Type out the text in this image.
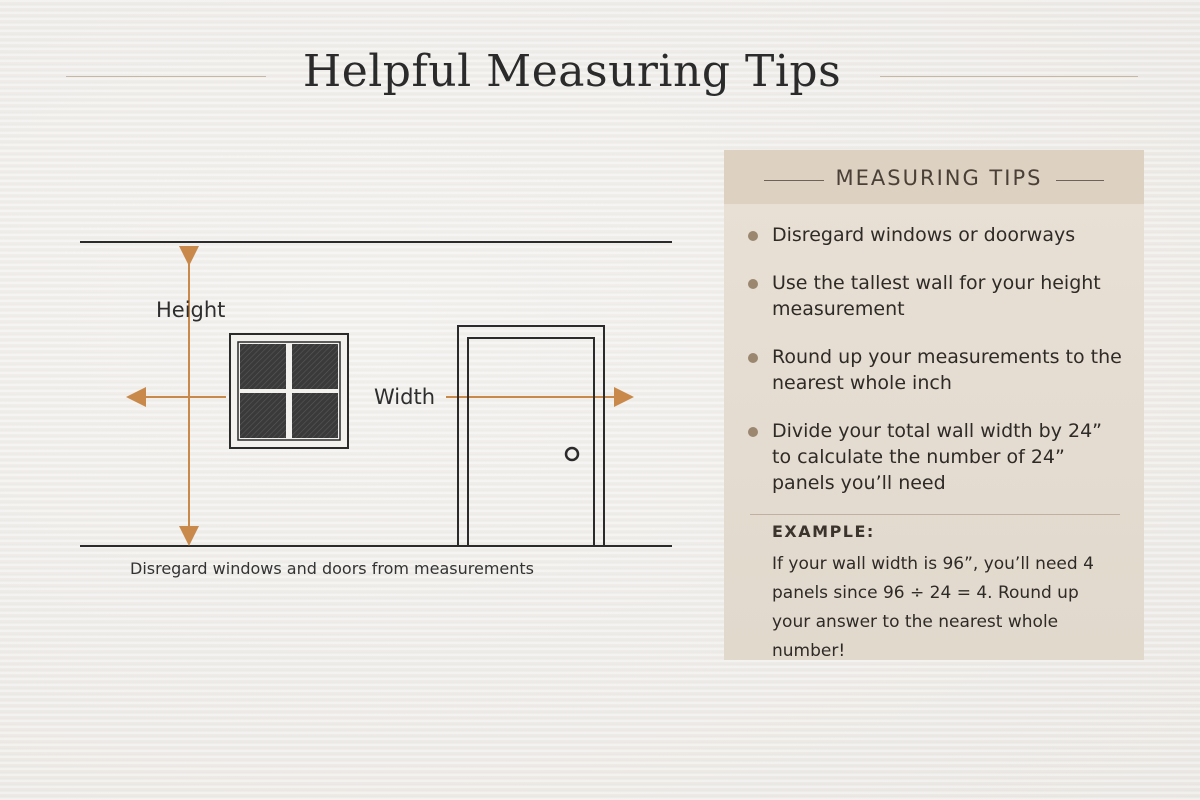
Helpful Measuring Tips
Height
Width
Disregard windows and doors from measurements
MEASURING TIPS
Disregard windows or doorways
Use the tallest wall for your height measurement
Round up your measurements to the nearest whole inch
Divide your total wall width by 24” to calculate the number of 24” panels you’ll need
EXAMPLE:

If your wall width is 96”, you’ll need 4 panels since 96 ÷ 24 = 4. Round up your answer to the nearest whole number!
